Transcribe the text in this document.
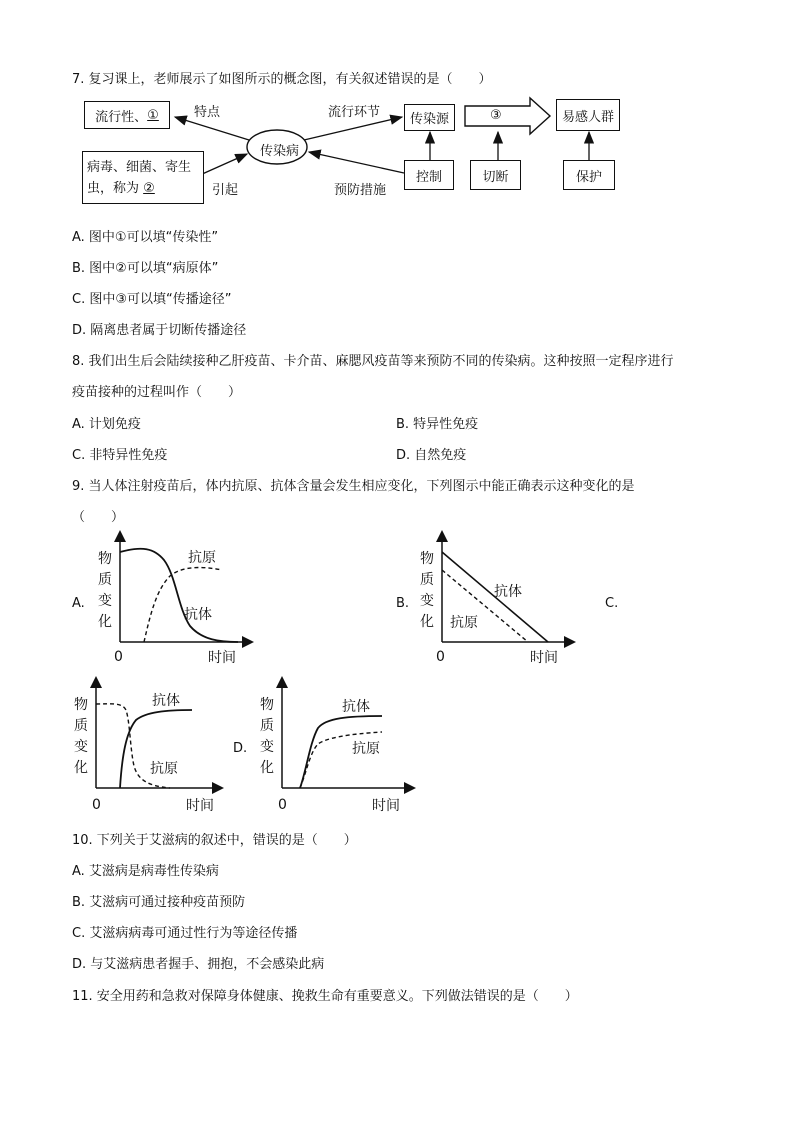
7. 复习课上，老师展示了如图所示的概念图，有关叙述错误的是（　　）
流行性、 ①	特点
传染病
流行环节	传染源	③	易感人群
病毒、细菌、寄生
虫，称为 ②	引起	预防措施
控制	切断	保护
A. 图中①可以填“传染性”
B. 图中②可以填“病原体”
C. 图中③可以填“传播途径”
D. 隔离患者属于切断传播途径
8. 我们出生后会陆续接种乙肝疫苗、卡介苗、麻腮风疫苗等来预防不同的传染病。这种按照一定程序进行
疫苗接种的过程叫作（　　）
A. 计划免疫	B. 特异性免疫
C. 非特异性免疫	D. 自然免疫
9. 当人体注射疫苗后，体内抗原、抗体含量会发生相应变化，下列图示中能正确表示这种变化的是
（　　）
A.
物
质
变
化
抗原
抗体
0	时间
B.
物
质
变
化
抗体
抗原
0	时间
C.
物
质
变
化
抗体
抗原
0	时间
D.
物
质
变
化
抗体
抗原
0	时间
10. 下列关于艾滋病的叙述中，错误的是（　　）
A. 艾滋病是病毒性传染病
B. 艾滋病可通过接种疫苗预防
C. 艾滋病病毒可通过性行为等途径传播
D. 与艾滋病患者握手、拥抱，不会感染此病
11. 安全用药和急救对保障身体健康、挽救生命有重要意义。下列做法错误的是（　　）
